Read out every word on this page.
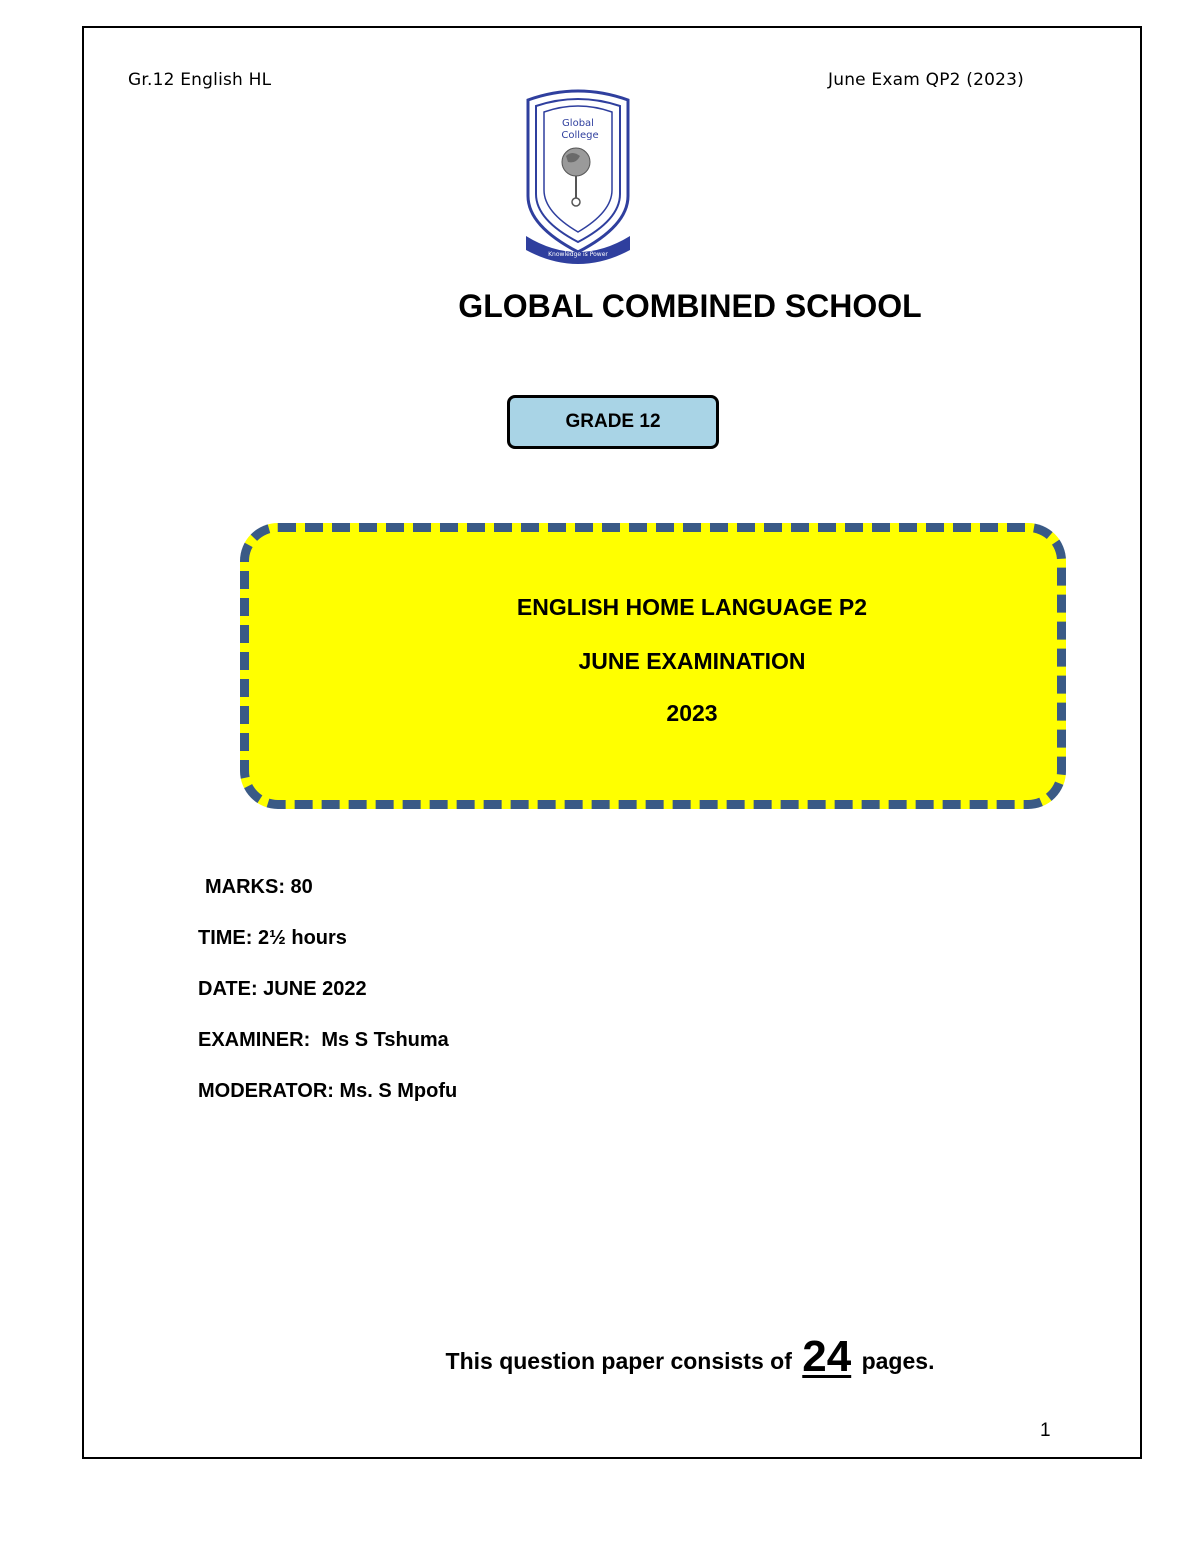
Gr.12 English HL	June Exam QP2 (2023)
Global
College
Knowledge is Power
GLOBAL COMBINED SCHOOL
GRADE 12
ENGLISH HOME LANGUAGE P2
JUNE EXAMINATION
2023
MARKS: 80
TIME: 2½ hours
DATE: JUNE 2022
EXAMINER:  Ms S Tshuma
MODERATOR: Ms. S Mpofu
This question paper consists of 24 pages.
1
